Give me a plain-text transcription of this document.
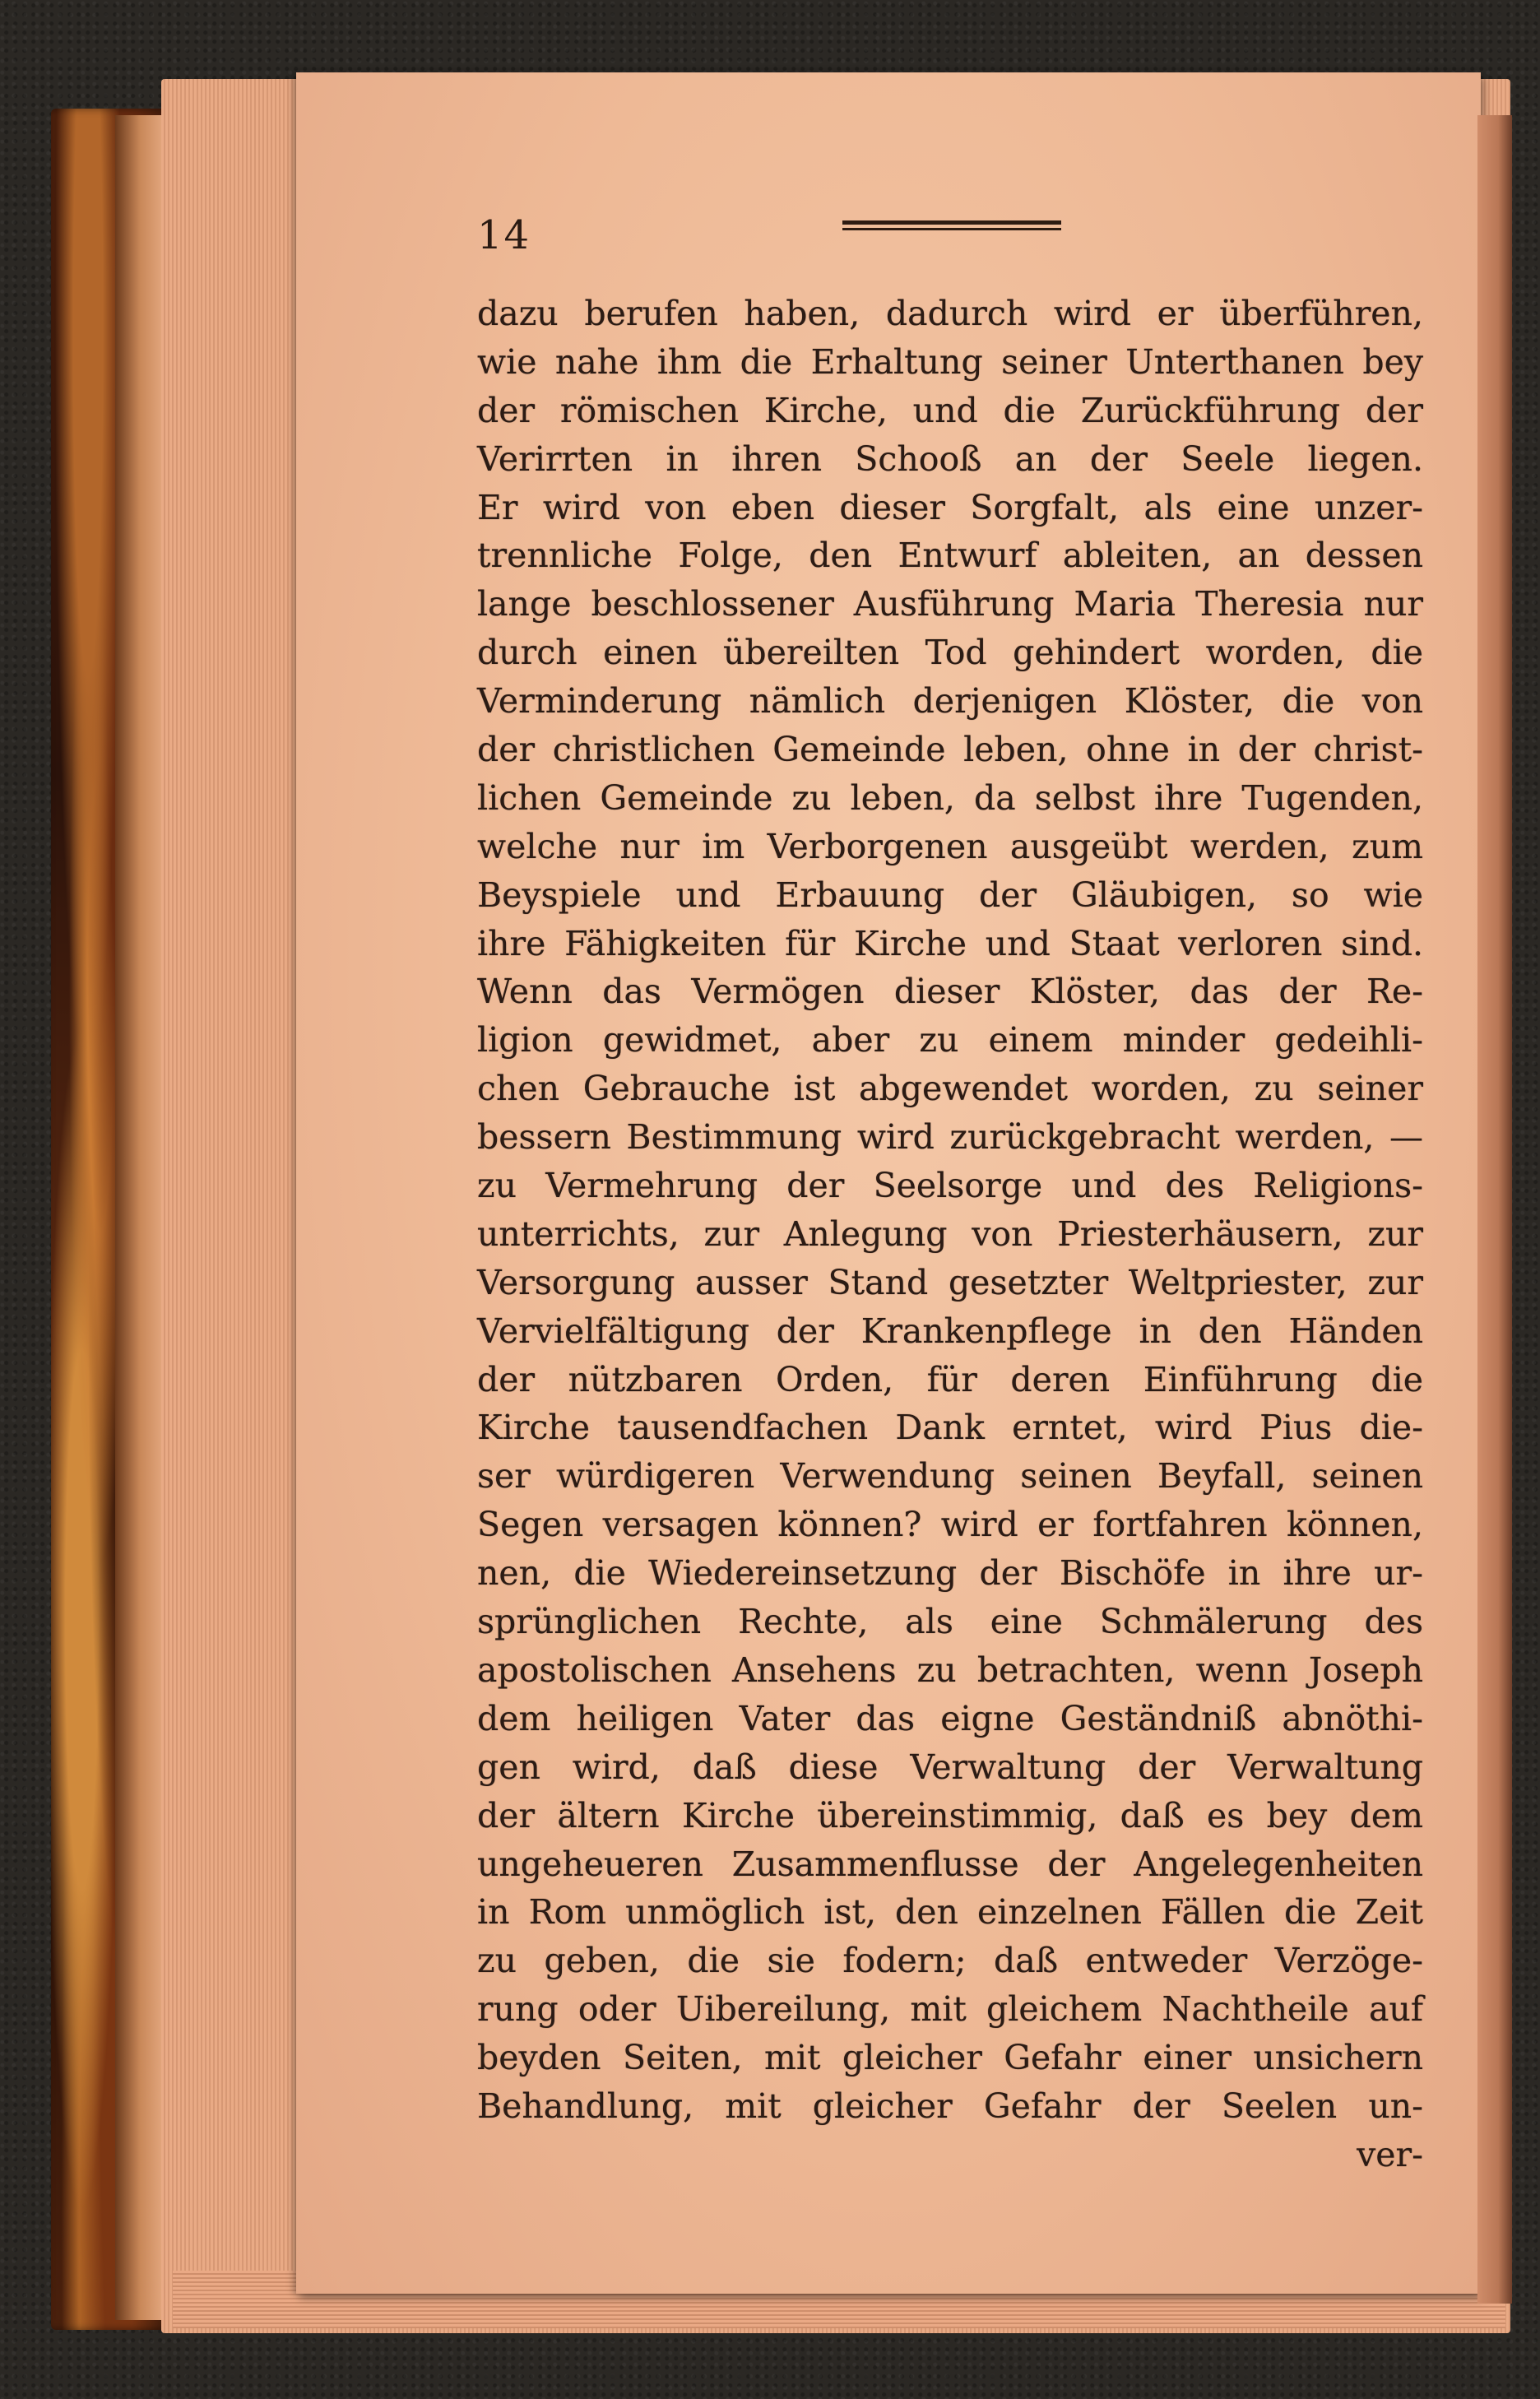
14
dazu berufen haben, dadurch wird er überführen,
wie nahe ihm die Erhaltung seiner Unterthanen bey
der römischen Kirche, und die Zurückführung der
Verirrten in ihren Schooß an der Seele liegen.
Er wird von eben dieser Sorgfalt, als eine unzer-
trennliche Folge, den Entwurf ableiten, an dessen
lange beschlossener Ausführung Maria Theresia nur
durch einen übereilten Tod gehindert worden, die
Verminderung nämlich derjenigen Klöster, die von
der christlichen Gemeinde leben, ohne in der christ-
lichen Gemeinde zu leben, da selbst ihre Tugenden,
welche nur im Verborgenen ausgeübt werden, zum
Beyspiele und Erbauung der Gläubigen, so wie
ihre Fähigkeiten für Kirche und Staat verloren sind.
Wenn das Vermögen dieser Klöster, das der Re-
ligion gewidmet, aber zu einem minder gedeihli-
chen Gebrauche ist abgewendet worden, zu seiner
bessern Bestimmung wird zurückgebracht werden, —
zu Vermehrung der Seelsorge und des Religions-
unterrichts, zur Anlegung von Priesterhäusern, zur
Versorgung ausser Stand gesetzter Weltpriester, zur
Vervielfältigung der Krankenpflege in den Händen
der nützbaren Orden, für deren Einführung die
Kirche tausendfachen Dank erntet, wird Pius die-
ser würdigeren Verwendung seinen Beyfall, seinen
Segen versagen können? wird er fortfahren können,
nen, die Wiedereinsetzung der Bischöfe in ihre ur-
sprünglichen Rechte, als eine Schmälerung des
apostolischen Ansehens zu betrachten, wenn Joseph
dem heiligen Vater das eigne Geständniß abnöthi-
gen wird, daß diese Verwaltung der Verwaltung
der ältern Kirche übereinstimmig, daß es bey dem
ungeheueren Zusammenflusse der Angelegenheiten
in Rom unmöglich ist, den einzelnen Fällen die Zeit
zu geben, die sie fodern; daß entweder Verzöge-
rung oder Uibereilung, mit gleichem Nachtheile auf
beyden Seiten, mit gleicher Gefahr einer unsichern
Behandlung, mit gleicher Gefahr der Seelen un-
ver-
